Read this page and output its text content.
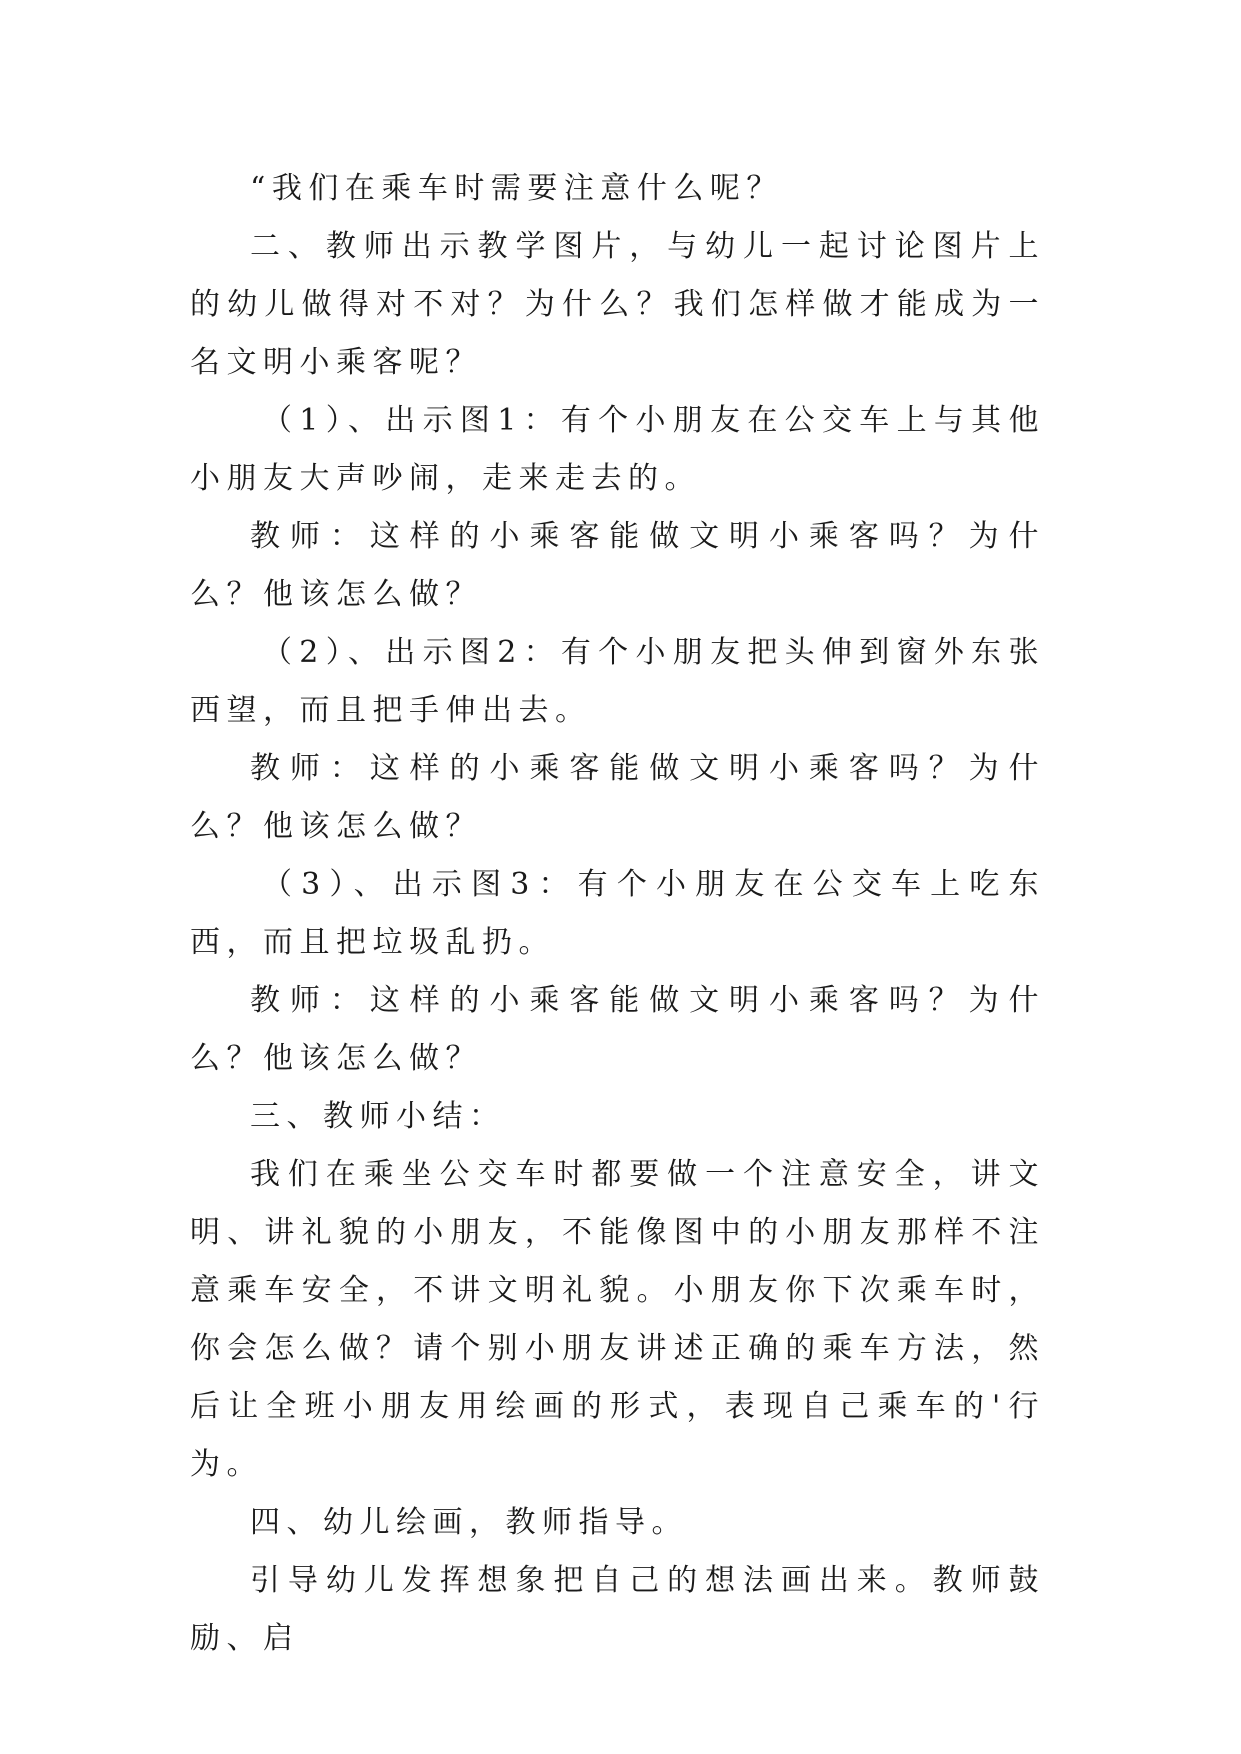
“我们在乘车时需要注意什么呢？

二、教师出示教学图片，与幼儿一起讨论图片上的幼儿做得对不对？为什么？我们怎样做才能成为一名文明小乘客呢？

（1）、出示图1：有个小朋友在公交车上与其他小朋友大声吵闹，走来走去的。

教师：这样的小乘客能做文明小乘客吗？为什么？他该怎么做？

（2）、出示图2：有个小朋友把头伸到窗外东张西望，而且把手伸出去。

教师：这样的小乘客能做文明小乘客吗？为什么？他该怎么做？

（3）、出示图3：有个小朋友在公交车上吃东西，而且把垃圾乱扔。

教师：这样的小乘客能做文明小乘客吗？为什么？他该怎么做？

三、教师小结：

我们在乘坐公交车时都要做一个注意安全，讲文明、讲礼貌的小朋友，不能像图中的小朋友那样不注意乘车安全，不讲文明礼貌。小朋友你下次乘车时，你会怎么做？请个别小朋友讲述正确的乘车方法，然后让全班小朋友用绘画的形式，表现自己乘车的'行为。

四、幼儿绘画，教师指导。

引导幼儿发挥想象把自己的想法画出来。教师鼓励、启
